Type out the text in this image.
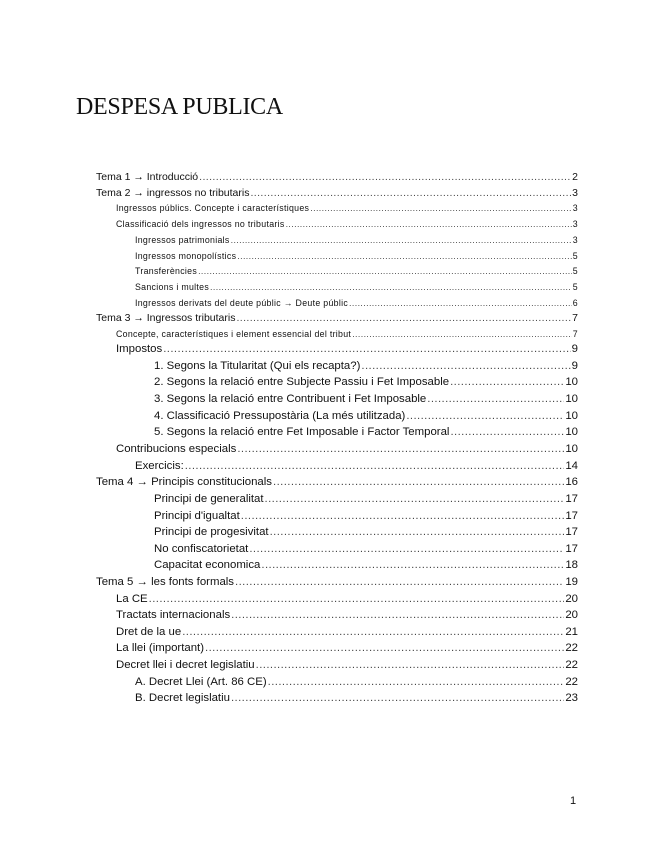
DESPESA PUBLICA
Tema 1 → Introducció .....	2
Tema 2 → ingressos no tributaris .....	3
Ingressos públics. Concepte i característiques .....	3
Classificació dels ingressos no tributaris .....	3
Ingressos patrimonials .....	3
Ingressos monopolístics .....	5
Transferències .....	5
Sancions i multes .....	5
Ingressos derivats del deute públic → Deute públic .....	6
Tema 3 → Ingressos tributaris .....	7
Concepte, característiques i element essencial del tribut .....	7
Impostos .....	9
1. Segons la Titularitat (Qui els recapta?) .....	9
2. Segons la relació entre Subjecte Passiu i Fet Imposable .....	10
3. Segons la relació entre Contribuent i Fet Imposable .....	10
4. Classificació Pressupostària (La més utilitzada) .....	10
5. Segons la relació entre Fet Imposable i Factor Temporal .....	10
Contribucions especials .....	10
Exercicis: .....	14
Tema 4 → Principis constitucionals .....	16
Principi de generalitat .....	17
Principi d'igualtat .....	17
Principi de progesivitat .....	17
No confiscatorietat .....	17
Capacitat economica .....	18
Tema 5 → les fonts formals .....	19
La CE .....	20
Tractats internacionals .....	20
Dret de la ue .....	21
La llei (important) .....	22
Decret llei i decret legislatiu .....	22
A. Decret Llei (Art. 86 CE) .....	22
B. Decret legislatiu .....	23
1
